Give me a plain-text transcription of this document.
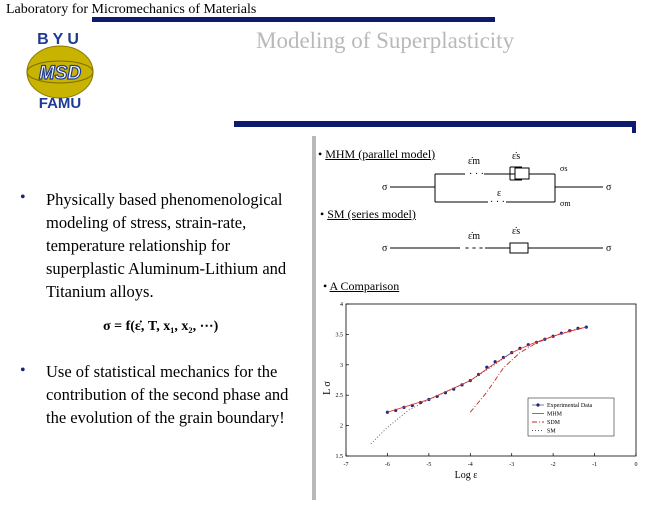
Laboratory for Micromechanics of Materials
Modeling of Superplasticity
BYU
MSD
FAMU
• Physically based phenomenological modeling of stress, strain-rate, temperature relationship for superplastic Aluminum-Lithium and Titanium alloys.
σ = f(ε̇, T, x₁, x₂, ⋯)
• Use of statistical mechanics for the contribution of the second phase and the evolution of the grain boundary!
• MHM (parallel model)
• SM (series model)
• A Comparison
· · ·
· · ·
- - -
σ	σ
ε̇m	ε̇s
ε
σs
σm
σ	σ
ε̇m	ε̇s
-7	-6	-5	-4	-3	-2	-1	0
1.5
2
2.5
3
3.5
4
Log ε
L σ
Experimental Data
MHM
SDM
SM
